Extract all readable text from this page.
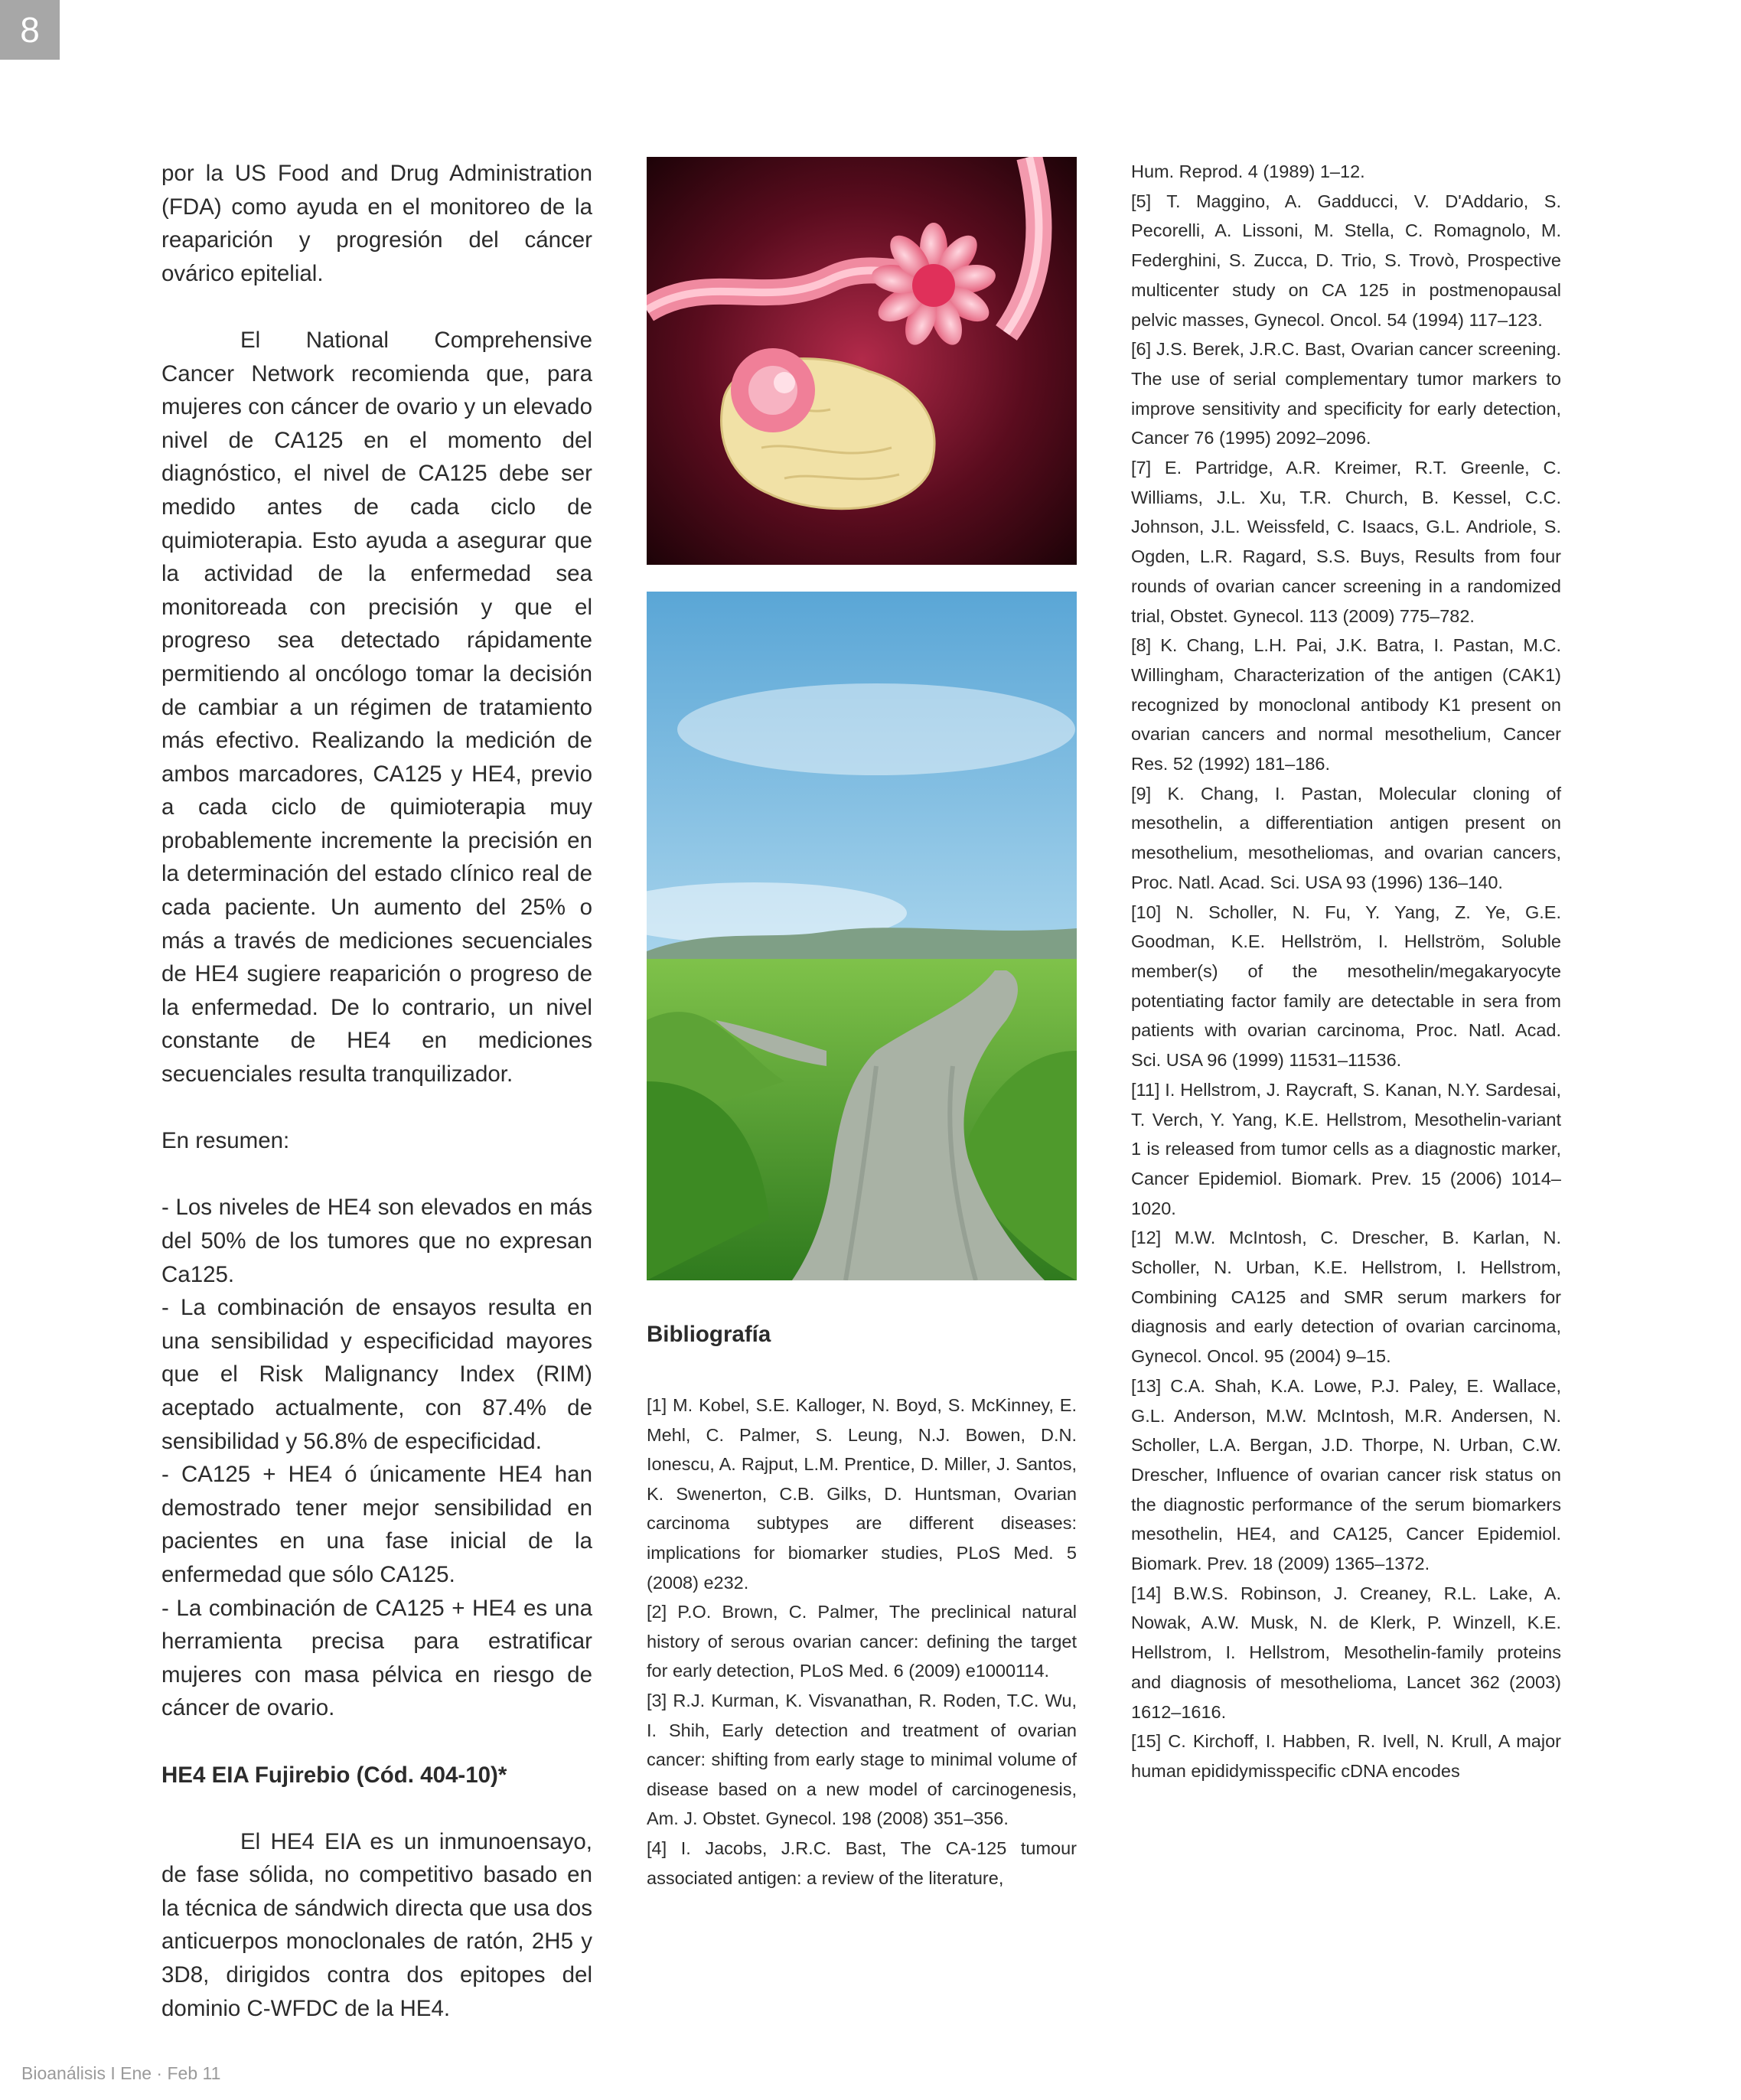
8

por la US Food and Drug Administration (FDA) como ayuda en el monitoreo de la reaparición y progresión del cáncer ovárico epitelial.

El National Comprehensive Cancer Network recomienda que, para mujeres con cáncer de ovario y un elevado nivel de CA125 en el momento del diagnóstico, el nivel de CA125 debe ser medido antes de cada ciclo de quimioterapia. Esto ayuda a asegurar que la actividad de la enfermedad sea monitoreada con precisión y que el progreso sea detectado rápidamente permitiendo al oncólogo tomar la decisión de cambiar a un régimen de tratamiento más efectivo. Realizando la medición de ambos marcadores, CA125 y HE4, previo a cada ciclo de quimioterapia muy probablemente incremente la precisión en la determinación del estado clínico real de cada paciente. Un aumento del 25% o más a través de mediciones secuenciales de HE4 sugiere reaparición o progreso de la enfermedad. De lo contrario, un nivel constante de HE4 en mediciones secuenciales resulta tranquilizador.

En resumen:

- Los niveles de HE4 son elevados en más del 50% de los tumores que no expresan Ca125.

- La combinación de ensayos resulta en una sensibilidad y especificidad mayores que el Risk Malignancy Index (RIM) aceptado actualmente, con 87.4% de sensibilidad y 56.8% de especificidad.

- CA125 + HE4 ó únicamente HE4 han demostrado tener mejor sensibilidad en pacientes en una fase inicial de la enfermedad que sólo CA125.

- La combinación de CA125 + HE4 es una herramienta precisa para estratificar mujeres con masa pélvica en riesgo de cáncer de ovario.

HE4 EIA Fujirebio (Cód. 404-10)*

El HE4 EIA es un inmunoensayo, de fase sólida, no competitivo basado en la técnica de sándwich directa que usa dos anticuerpos monoclonales de ratón, 2H5 y 3D8, dirigidos contra dos epitopes del dominio C-WFDC de la HE4.

Bibliografía

[1] M. Kobel, S.E. Kalloger, N. Boyd, S. McKinney, E. Mehl, C. Palmer, S. Leung, N.J. Bowen, D.N. Ionescu, A. Rajput, L.M. Prentice, D. Miller, J. Santos, K. Swenerton, C.B. Gilks, D. Huntsman, Ovarian carcinoma subtypes are different diseases: implications for biomarker studies, PLoS Med. 5 (2008) e232.

[2] P.O. Brown, C. Palmer, The preclinical natural history of serous ovarian cancer: defining the target for early detection, PLoS Med. 6 (2009) e1000114.

[3] R.J. Kurman, K. Visvanathan, R. Roden, T.C. Wu, I. Shih, Early detection and treatment of ovarian cancer: shifting from early stage to minimal volume of disease based on a new model of carcinogenesis, Am. J. Obstet. Gynecol. 198 (2008) 351–356.

[4] I. Jacobs, J.R.C. Bast, The CA-125 tumour associated antigen: a review of the literature,

Hum. Reprod. 4 (1989) 1–12.

[5] T. Maggino, A. Gadducci, V. D'Addario, S. Pecorelli, A. Lissoni, M. Stella, C. Romagnolo, M. Federghini, S. Zucca, D. Trio, S. Trovò, Prospective multicenter study on CA 125 in postmenopausal pelvic masses, Gynecol. Oncol. 54 (1994) 117–123.

[6] J.S. Berek, J.R.C. Bast, Ovarian cancer screening. The use of serial complementary tumor markers to improve sensitivity and specificity for early detection, Cancer 76 (1995) 2092–2096.

[7] E. Partridge, A.R. Kreimer, R.T. Greenle, C. Williams, J.L. Xu, T.R. Church, B. Kessel, C.C. Johnson, J.L. Weissfeld, C. Isaacs, G.L. Andriole, S. Ogden, L.R. Ragard, S.S. Buys, Results from four rounds of ovarian cancer screening in a randomized trial, Obstet. Gynecol. 113 (2009) 775–782.

[8] K. Chang, L.H. Pai, J.K. Batra, I. Pastan, M.C. Willingham, Characterization of the antigen (CAK1) recognized by monoclonal antibody K1 present on ovarian cancers and normal mesothelium, Cancer Res. 52 (1992) 181–186.

[9] K. Chang, I. Pastan, Molecular cloning of mesothelin, a differentiation antigen present on mesothelium, mesotheliomas, and ovarian cancers, Proc. Natl. Acad. Sci. USA 93 (1996) 136–140.

[10] N. Scholler, N. Fu, Y. Yang, Z. Ye, G.E. Goodman, K.E. Hellström, I. Hellström, Soluble member(s) of the mesothelin/megakaryocyte potentiating factor family are detectable in sera from patients with ovarian carcinoma, Proc. Natl. Acad. Sci. USA 96 (1999) 11531–11536.

[11] I. Hellstrom, J. Raycraft, S. Kanan, N.Y. Sardesai, T. Verch, Y. Yang, K.E. Hellstrom, Mesothelin-variant 1 is released from tumor cells as a diagnostic marker, Cancer Epidemiol. Biomark. Prev. 15 (2006) 1014–1020.

[12] M.W. McIntosh, C. Drescher, B. Karlan, N. Scholler, N. Urban, K.E. Hellstrom, I. Hellstrom, Combining CA125 and SMR serum markers for diagnosis and early detection of ovarian carcinoma, Gynecol. Oncol. 95 (2004) 9–15.

[13] C.A. Shah, K.A. Lowe, P.J. Paley, E. Wallace, G.L. Anderson, M.W. McIntosh, M.R. Andersen, N. Scholler, L.A. Bergan, J.D. Thorpe, N. Urban, C.W. Drescher, Influence of ovarian cancer risk status on the diagnostic performance of the serum biomarkers mesothelin, HE4, and CA125, Cancer Epidemiol. Biomark. Prev. 18 (2009) 1365–1372.

[14] B.W.S. Robinson, J. Creaney, R.L. Lake, A. Nowak, A.W. Musk, N. de Klerk, P. Winzell, K.E. Hellstrom, I. Hellstrom, Mesothelin-family proteins and diagnosis of mesothelioma, Lancet 362 (2003) 1612–1616.

[15] C. Kirchoff, I. Habben, R. Ivell, N. Krull, A major human epididymisspecific cDNA encodes

Bioanálisis I Ene · Feb 11
